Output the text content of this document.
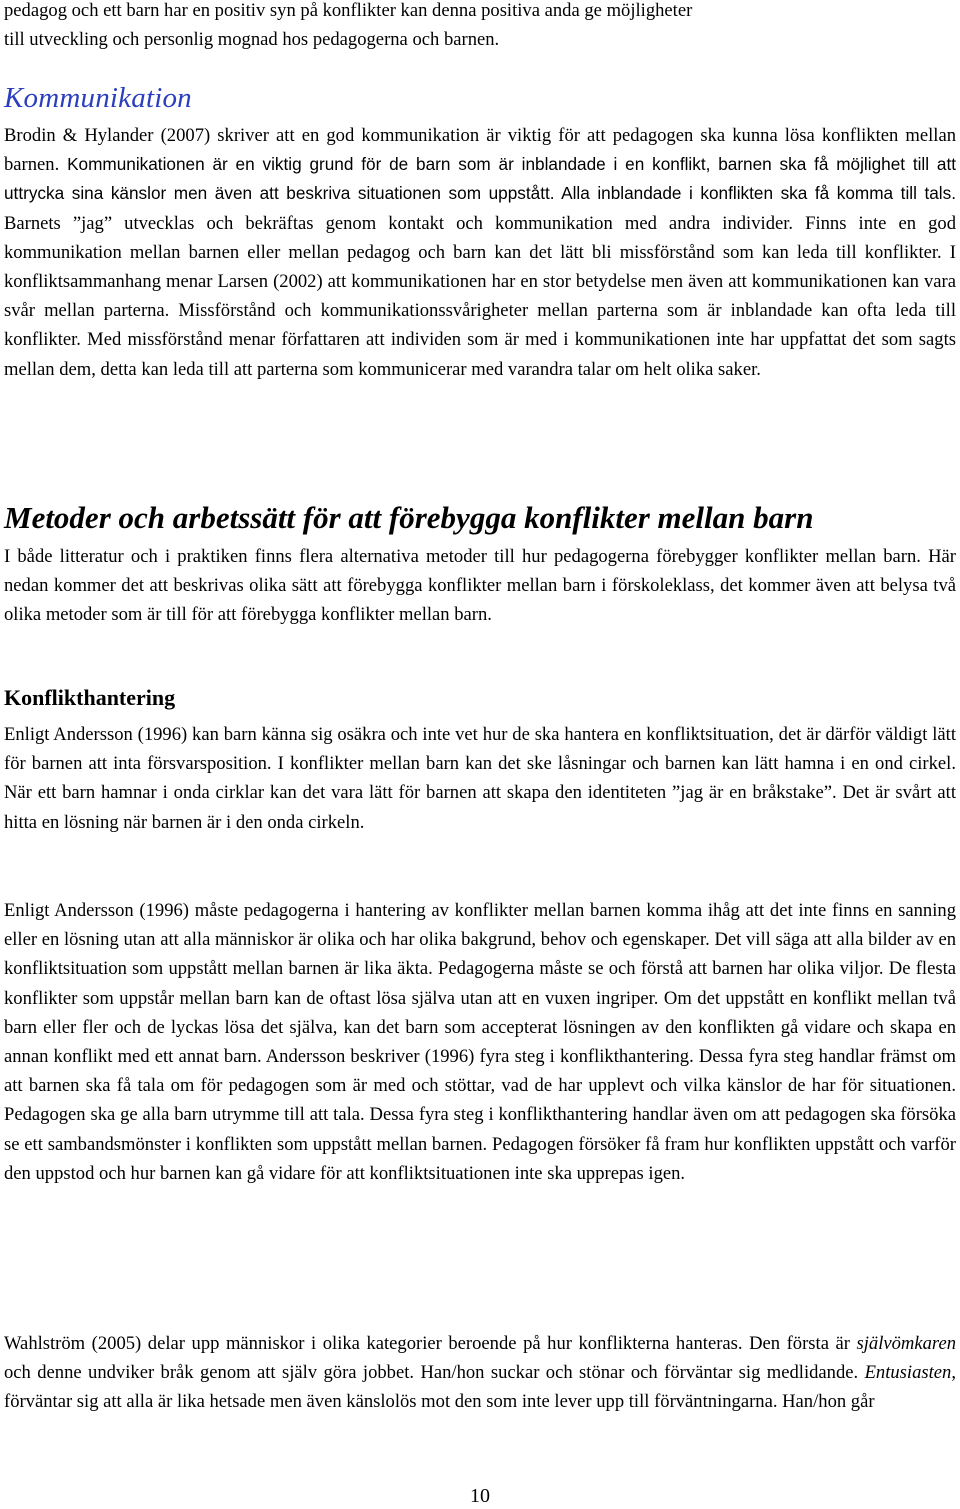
pedagog och ett barn har en positiv syn på konflikter kan denna positiva anda ge möjligheter
till utveckling och personlig mognad hos pedagogerna och barnen.

Kommunikation

Brodin & Hylander (2007) skriver att en god kommunikation är viktig för att pedagogen ska kunna lösa konflikten mellan barnen. Kommunikationen är en viktig grund för de barn som är inblandade i en konflikt, barnen ska få möjlighet till att uttrycka sina känslor men även att beskriva situationen som uppstått. Alla inblandade i konflikten ska få komma till tals. Barnets ”jag” utvecklas och bekräftas genom kontakt och kommunikation med andra individer. Finns inte en god kommunikation mellan barnen eller mellan pedagog och barn kan det lätt bli missförstånd som kan leda till konflikter. I konfliktsammanhang menar Larsen (2002) att kommunikationen har en stor betydelse men även att kommunikationen kan vara svår mellan parterna. Missförstånd och kommunikationssvårigheter mellan parterna som är inblandade kan ofta leda till konflikter. Med missförstånd menar författaren att individen som är med i kommunikationen inte har uppfattat det som sagts mellan dem, detta kan leda till att parterna som kommunicerar med varandra talar om helt olika saker.

Metoder och arbetssätt för att förebygga konflikter mellan barn

I både litteratur och i praktiken finns flera alternativa metoder till hur pedagogerna förebygger konflikter mellan barn. Här nedan kommer det att beskrivas olika sätt att förebygga konflikter mellan barn i förskoleklass, det kommer även att belysa två olika metoder som är till för att förebygga konflikter mellan barn.

Konflikthantering

Enligt Andersson (1996) kan barn känna sig osäkra och inte vet hur de ska hantera en konfliktsituation, det är därför väldigt lätt för barnen att inta försvarsposition. I konflikter mellan barn kan det ske låsningar och barnen kan lätt hamna i en ond cirkel. När ett barn hamnar i onda cirklar kan det vara lätt för barnen att skapa den identiteten ”jag är en bråkstake”. Det är svårt att hitta en lösning när barnen är i den onda cirkeln.

Enligt Andersson (1996) måste pedagogerna i hantering av konflikter mellan barnen komma ihåg att det inte finns en sanning eller en lösning utan att alla människor är olika och har olika bakgrund, behov och egenskaper. Det vill säga att alla bilder av en konfliktsituation som uppstått mellan barnen är lika äkta. Pedagogerna måste se och förstå att barnen har olika viljor. De flesta konflikter som uppstår mellan barn kan de oftast lösa själva utan att en vuxen ingriper. Om det uppstått en konflikt mellan två barn eller fler och de lyckas lösa det själva, kan det barn som accepterat lösningen av den konflikten gå vidare och skapa en annan konflikt med ett annat barn. Andersson beskriver (1996) fyra steg i konflikthantering. Dessa fyra steg handlar främst om att barnen ska få tala om för pedagogen som är med och stöttar, vad de har upplevt och vilka känslor de har för situationen. Pedagogen ska ge alla barn utrymme till att tala. Dessa fyra steg i konflikthantering handlar även om att pedagogen ska försöka se ett sambandsmönster i konflikten som uppstått mellan barnen. Pedagogen försöker få fram hur konflikten uppstått och varför den uppstod och hur barnen kan gå vidare för att konfliktsituationen inte ska upprepas igen.

Wahlström (2005) delar upp människor i olika kategorier beroende på hur konflikterna hanteras. Den första är självömkaren och denne undviker bråk genom att själv göra jobbet. Han/hon suckar och stönar och förväntar sig medlidande. Entusiasten, förväntar sig att alla är lika hetsade men även känslolös mot den som inte lever upp till förväntningarna. Han/hon går

10
